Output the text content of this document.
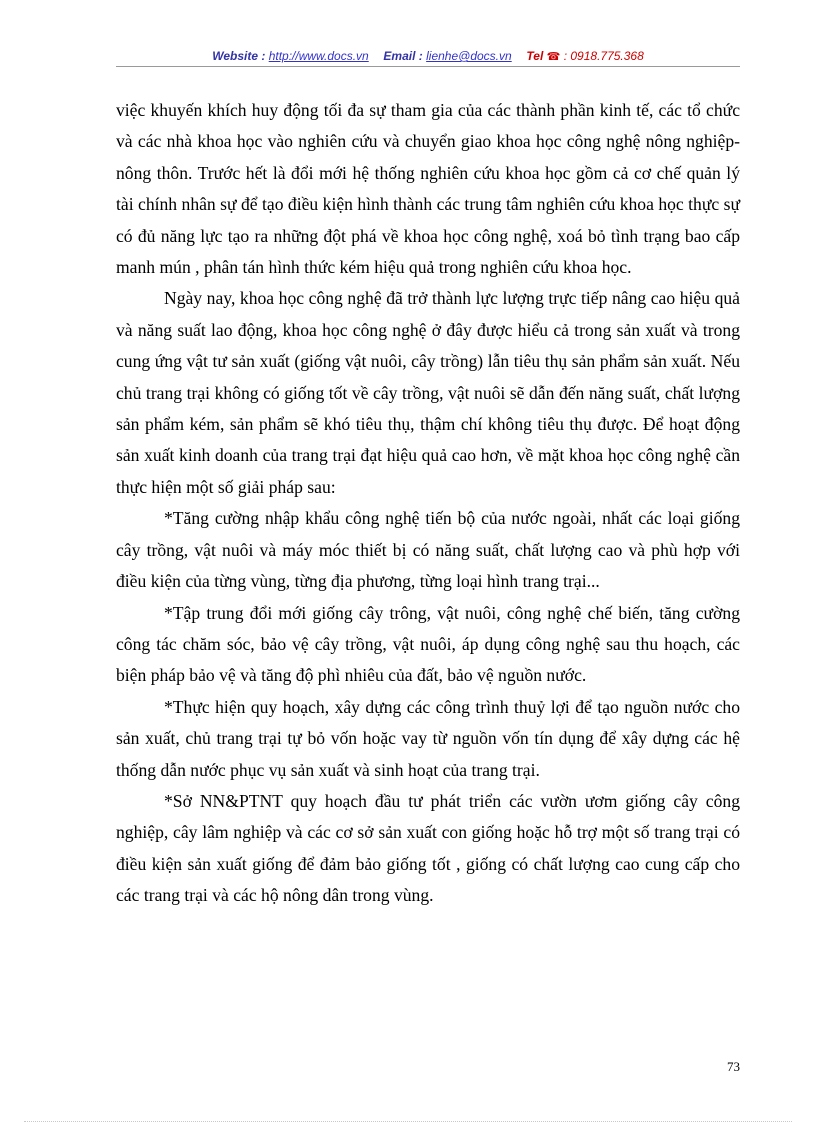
Website : http://www.docs.vn Email : lienhe@docs.vn Tel ☎ : 0918.775.368

việc khuyến khích huy động tối đa sự tham gia của các thành phần kinh tế, các tổ chức và các nhà khoa học vào nghiên cứu và chuyển giao khoa học công nghệ nông nghiệp- nông thôn. Trước hết là đổi mới hệ thống nghiên cứu khoa học gồm cả cơ chế quản lý tài chính nhân sự để tạo điều kiện hình thành các trung tâm nghiên cứu khoa học thực sự có đủ năng lực tạo ra những đột phá về khoa học công nghệ, xoá bỏ tình trạng bao cấp manh mún , phân tán hình thức kém hiệu quả trong nghiên cứu khoa học.

Ngày nay, khoa học công nghệ đã trở thành lực lượng trực tiếp nâng cao hiệu quả và năng suất lao động, khoa học công nghệ ở đây được hiểu cả trong sản xuất và trong cung ứng vật tư sản xuất (giống vật nuôi, cây trồng) lẫn tiêu thụ sản phẩm sản xuất. Nếu chủ trang trại không có giống tốt về cây trồng, vật nuôi sẽ dẫn đến năng suất, chất lượng sản phẩm kém, sản phẩm sẽ khó tiêu thụ, thậm chí không tiêu thụ được. Để hoạt động sản xuất kinh doanh của trang trại đạt hiệu quả cao hơn, về mặt khoa học công nghệ cần thực hiện một số giải pháp sau:

*Tăng cường nhập khẩu công nghệ tiến bộ của nước ngoài, nhất các loại giống cây trồng, vật nuôi và máy móc thiết bị có năng suất, chất lượng cao và phù hợp với điều kiện của từng vùng, từng địa phương, từng loại hình trang trại...

*Tập trung đổi mới giống cây trông, vật nuôi, công nghệ chế biến, tăng cường công tác chăm sóc, bảo vệ cây trồng, vật nuôi, áp dụng công nghệ sau thu hoạch, các biện pháp bảo vệ và tăng độ phì nhiêu của đất, bảo vệ nguồn nước.

*Thực hiện quy hoạch, xây dựng các công trình thuỷ lợi để tạo nguồn nước cho sản xuất, chủ trang trại tự bỏ vốn hoặc vay từ nguồn vốn tín dụng để xây dựng các hệ thống dẫn nước phục vụ sản xuất và sinh hoạt của trang trại.

*Sở NN&PTNT quy hoạch đầu tư phát triển các vườn ươm giống cây công nghiệp, cây lâm nghiệp và các cơ sở sản xuất con giống hoặc hỗ trợ một số trang trại có điều kiện sản xuất giống để đảm bảo giống tốt , giống có chất lượng cao cung cấp cho các trang trại và các hộ nông dân trong vùng.

73
